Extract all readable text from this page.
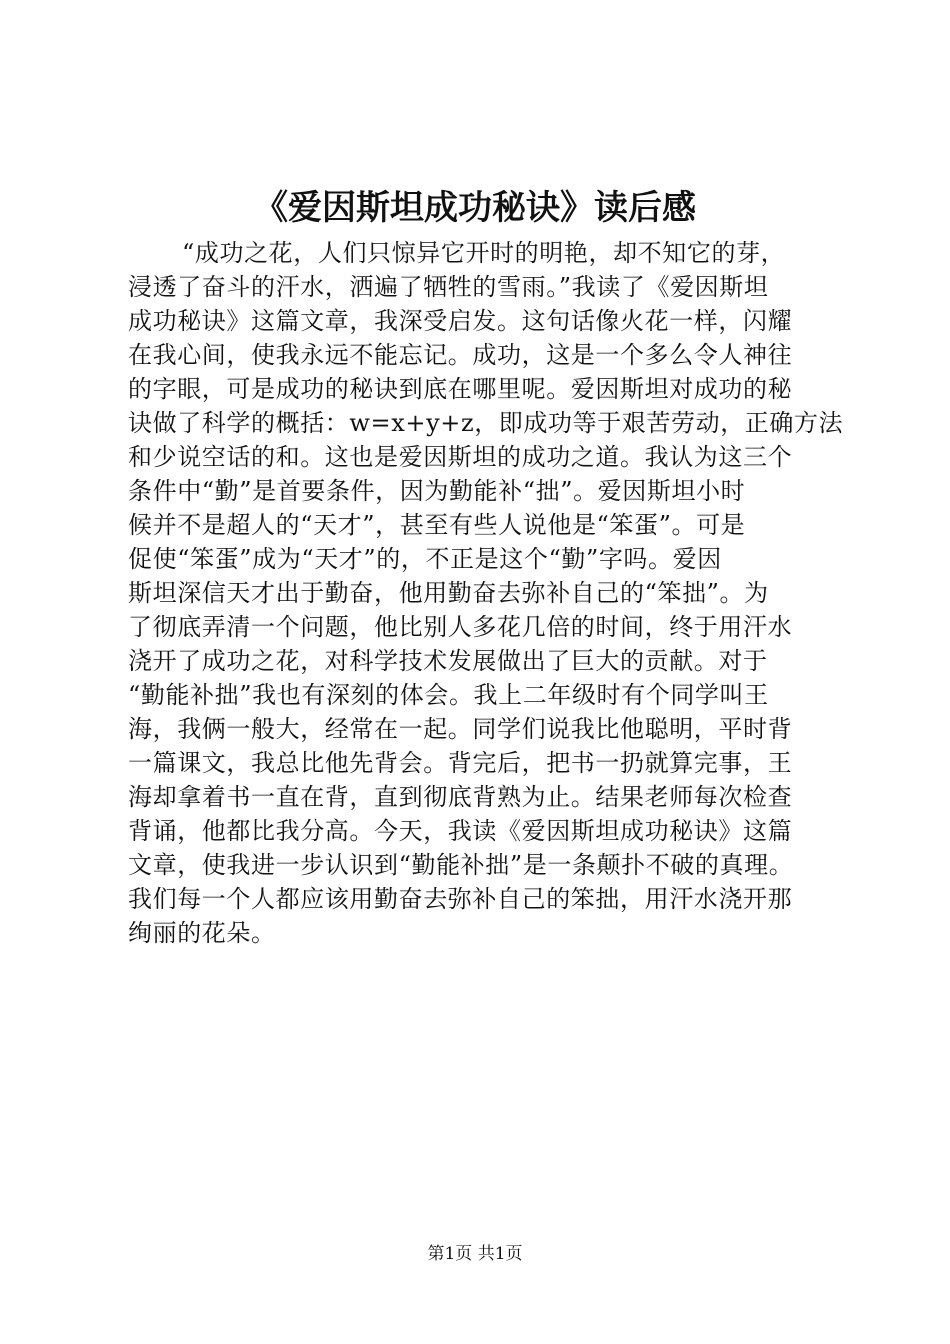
《爱因斯坦成功秘诀》读后感
“成功之花，人们只惊异它开时的明艳，却不知它的芽，
浸透了奋斗的汗水，洒遍了牺牲的雪雨。”我读了《爱因斯坦
成功秘诀》这篇文章，我深受启发。这句话像火花一样，闪耀
在我心间，使我永远不能忘记。成功，这是一个多么令人神往
的字眼，可是成功的秘诀到底在哪里呢。爱因斯坦对成功的秘
诀做了科学的概括：w=x+y+z，即成功等于艰苦劳动，正确方法
和少说空话的和。这也是爱因斯坦的成功之道。我认为这三个
条件中“勤”是首要条件，因为勤能补“拙”。爱因斯坦小时
候并不是超人的“天才”，甚至有些人说他是“笨蛋”。可是
促使“笨蛋”成为“天才”的，不正是这个“勤”字吗。爱因
斯坦深信天才出于勤奋，他用勤奋去弥补自己的“笨拙”。为
了彻底弄清一个问题，他比别人多花几倍的时间，终于用汗水
浇开了成功之花，对科学技术发展做出了巨大的贡献。对于
“勤能补拙”我也有深刻的体会。我上二年级时有个同学叫王
海，我俩一般大，经常在一起。同学们说我比他聪明，平时背
一篇课文，我总比他先背会。背完后，把书一扔就算完事，王
海却拿着书一直在背，直到彻底背熟为止。结果老师每次检查
背诵，他都比我分高。今天，我读《爱因斯坦成功秘诀》这篇
文章，使我进一步认识到“勤能补拙”是一条颠扑不破的真理。
我们每一个人都应该用勤奋去弥补自己的笨拙，用汗水浇开那
绚丽的花朵。
第1页 共1页
